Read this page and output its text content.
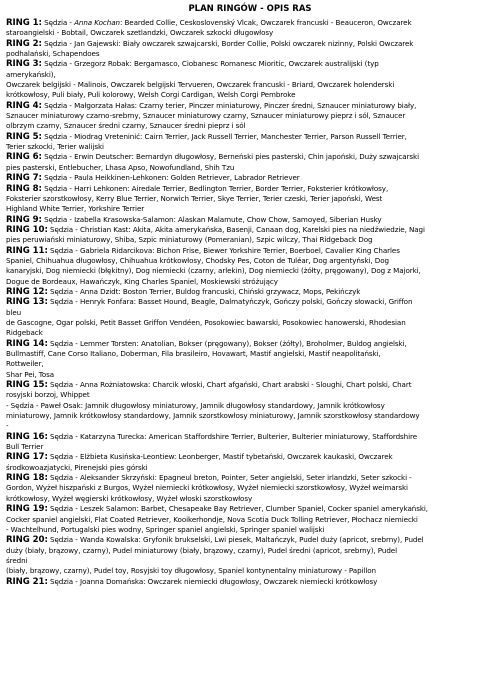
PLAN RINGÓW - OPIS RAS
RING 1: Sędzia - Anna Kochan: Bearded Collie, Ceskoslovenský Vlcak, Owczarek francuski - Beauceron, Owczarek
staroangielski - Bobtail, Owczarek szetlandzki, Owczarek szkocki długowłosy
RING 2: Sędzia - Jan Gajewski: Biały owczarek szwajcarski, Border Collie, Polski owczarek nizinny, Polski Owczarek
podhalański, Schapendoes
RING 3: Sędzia - Grzegorz Robak: Bergamasco, Ciobanesc Romanesc Mioritic, Owczarek australijski (typ
amerykański),
Owczarek belgijski - Malinois, Owczarek belgijski Tervueren, Owczarek francuski - Briard, Owczarek holenderski
krótkowłosy, Puli biały, Puli kolorowy, Welsh Corgi Cardigan, Welsh Corgi Pembroke
RING 4: Sędzia - Małgorzata Hałas: Czarny terier, Pinczer miniaturowy, Pinczer średni, Sznaucer miniaturowy biały,
Sznaucer miniaturowy czarno-srebrny, Sznaucer miniaturowy czarny, Sznaucer miniaturowy pieprz i sól, Sznaucer
olbrzym czarny, Sznaucer średni czarny, Sznaucer średni pieprz i sól
RING 5: Sędzia - Miodrag Vreteninić: Cairn Terrier, Jack Russell Terrier, Manchester Terrier, Parson Russell Terrier,
Terier szkocki, Terier walijski
RING 6: Sędzia - Erwin Deutscher: Bernardyn długowłosy, Berneński pies pasterski, Chin japoński, Duży szwajcarski
pies pasterski, Entlebucher, Lhasa Apso, Nowofundland, Shih Tzu
RING 7: Sędzia - Paula Heikkinen-Lehkonen: Golden Retriever, Labrador Retriever
RING 8: Sędzia - Harri Lehkonen: Airedale Terrier, Bedlington Terrier, Border Terrier, Foksterier krótkowłosy,
Foksterier szorstkowłosy, Kerry Blue Terrier, Norwich Terrier, Skye Terrier, Terier czeski, Terier japoński, West
Highland White Terrier, Yorkshire Terrier
RING 9: Sędzia - Izabella Krasowska-Salamon: Alaskan Malamute, Chow Chow, Samoyed, Siberian Husky
RING 10: Sędzia - Christian Kast: Akita, Akita amerykańska, Basenji, Canaan dog, Karelski pies na niedźwiedzie, Nagi
pies peruwiański miniaturowy, Shiba, Szpic miniaturowy (Pomeranian), Szpic wilczy, Thai Ridgeback Dog
RING 11: Sędzia - Gabriela Ridarcikova: Bichon Frise, Biewer Yorkshire Terrier, Boerboel, Cavalier King Charles
Spaniel, Chihuahua długowłosy, Chihuahua krótkowłosy, Chodsky Pes, Coton de Tuléar, Dog argentyński, Dog
kanaryjski, Dog niemiecki (błękitny), Dog niemiecki (czarny, arlekin), Dog niemiecki (żółty, pręgowany), Dog z Majorki,
Dogue de Bordeaux, Hawańczyk, King Charles Spaniel, Moskiewski stróżujący
RING 12: Sędzia - Anna Dzidt: Boston Terrier, Buldog francuski, Chiński grzywacz, Mops, Pekińczyk
RING 13: Sędzia - Henryk Fonfara: Basset Hound, Beagle, Dalmatyńczyk, Gończy polski, Gończy słowacki, Griffon
bleu
de Gascogne, Ogar polski, Petit Basset Griffon Vendéen, Posokowiec bawarski, Posokowiec hanowerski, Rhodesian
Ridgeback
RING 14: Sędzia - Lemmer Torsten: Anatolian, Bokser (pręgowany), Bokser (żółty), Broholmer, Buldog angielski,
Bullmastiff, Cane Corso Italiano, Doberman, Fila brasileiro, Hovawart, Mastif angielski, Mastif neapolitański,
Rottweiler,
Shar Pei, Tosa
RING 15: Sędzia - Anna Rożniatowska: Charcik włoski, Chart afgański, Chart arabski - Sloughi, Chart polski, Chart
rosyjski borzoj, Whippet
- Sędzia - Paweł Osak: Jamnik długowłosy miniaturowy, Jamnik długowłosy standardowy, Jamnik krótkowłosy
miniaturowy, Jamnik krótkowłosy standardowy, Jamnik szorstkowłosy miniaturowy, Jamnik szorstkowłosy standardowy
-
RING 16: Sędzia - Katarzyna Turecka: American Staffordshire Terrier, Bulterier, Bulterier miniaturowy, Staffordshire
Bull Terrier
RING 17: Sędzia - Elżbieta Kusińska-Leontiew: Leonberger, Mastif tybetański, Owczarek kaukaski, Owczarek
środkowoazjatycki, Pirenejski pies górski
RING 18: Sędzia - Aleksander Skrzyński: Epagneul breton, Pointer, Seter angielski, Seter irlandzki, Seter szkocki -
Gordon, Wyżeł hiszpański z Burgos, Wyżeł niemiecki krótkowłosy, Wyżeł niemiecki szorstkowłosy, Wyżeł weimarski
krótkowłosy, Wyżeł węgierski krótkowłosy, Wyżeł włoski szorstkowłosy
RING 19: Sędzia - Leszek Salamon: Barbet, Chesapeake Bay Retriever, Clumber Spaniel, Cocker spaniel amerykański,
Cocker spaniel angielski, Flat Coated Retriever, Kooikerhondje, Nova Scotia Duck Tolling Retriever, Płochacz niemiecki
- Wachtelhund, Portugalski pies wodny, Springer spaniel angielski, Springer spaniel walijski
RING 20: Sędzia - Wanda Kowalska: Gryfonik brukselski, Lwi piesek, Maltańczyk, Pudel duży (apricot, srebrny), Pudel
duży (biały, brązowy, czarny), Pudel miniaturowy (biały, brązowy, czarny), Pudel średni (apricot, srebrny), Pudel
średni
(biały, brązowy, czarny), Pudel toy, Rosyjski toy długowłosy, Spaniel kontynentalny miniaturowy - Papillon
RING 21: Sędzia - Joanna Domańska: Owczarek niemiecki długowłosy, Owczarek niemiecki krótkowłosy
